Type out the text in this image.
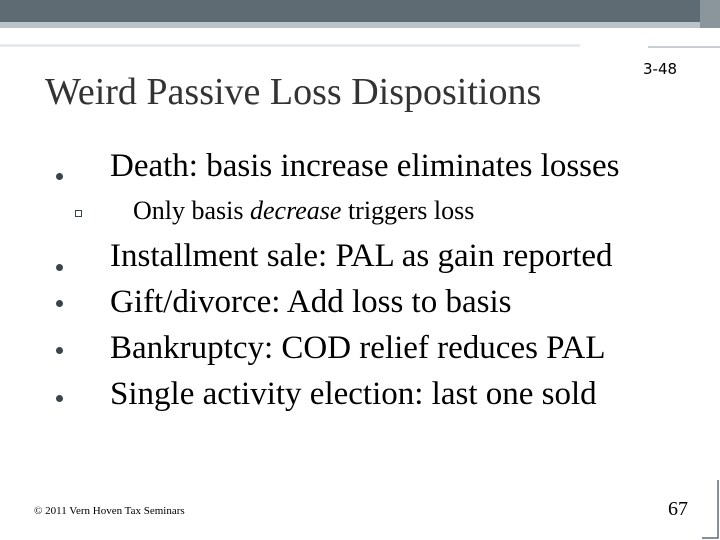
3-48
Weird Passive Loss Dispositions
Death: basis increase eliminates losses
Only basis decrease triggers loss
Installment sale: PAL as gain reported
Gift/divorce: Add loss to basis
Bankruptcy: COD relief reduces PAL
Single activity election: last one sold
© 2011 Vern Hoven Tax Seminars	67
